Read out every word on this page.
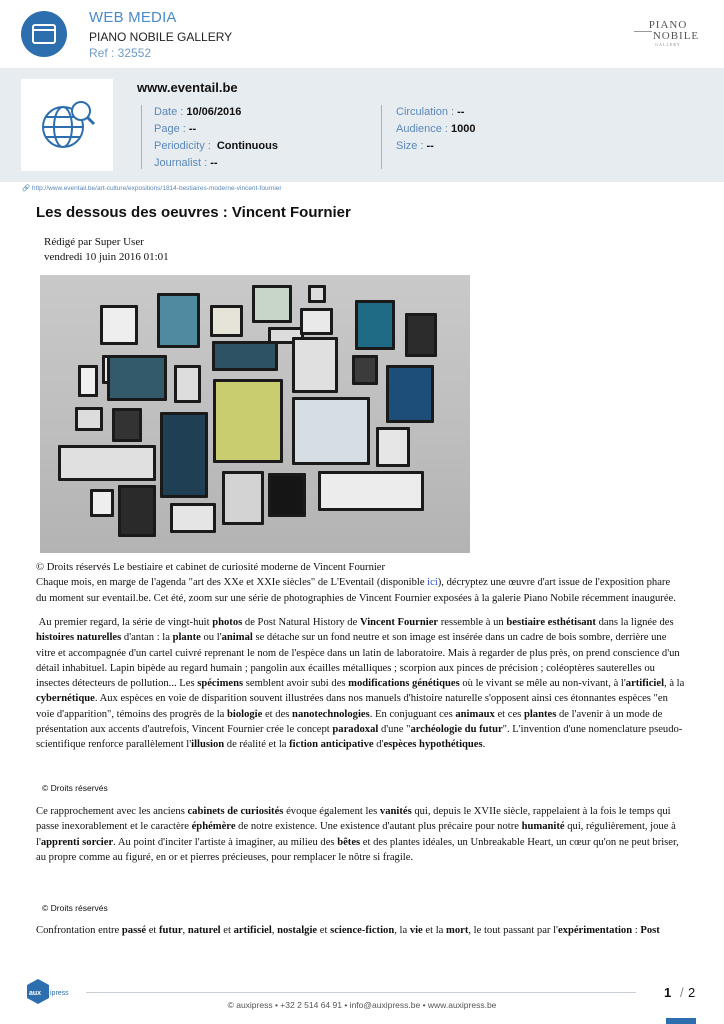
WEB MEDIA
PIANO NOBILE GALLERY
Ref : 32552
PIANO
NOBILE
GALLERY
www.eventail.be
Date : 10/06/2016
Page : --
Periodicity : Continuous
Journalist : --
Circulation : --
Audience : 1000
Size : --
🔗 http://www.eventail.be/art-culture/expositions/1814-bestiaires-moderne-vincent-fournier
Les dessous des oeuvres : Vincent Fournier
Rédigé par Super User
vendredi 10 juin 2016 01:01
© Droits réservés Le bestiaire et cabinet de curiosité moderne de Vincent Fournier
Chaque mois, en marge de l'agenda "art des XXe et XXIe siècles" de L'Eventail (disponible ici), décryptez une œuvre d'art issue de l'exposition phare
du moment sur eventail.be. Cet été, zoom sur une série de photographies de Vincent Fournier exposées à la galerie Piano Nobile récemment inaugurée.
Au premier regard, la série de vingt-huit photos de Post Natural History de Vincent Fournier ressemble à un bestiaire esthétisant dans la lignée des histoires naturelles d'antan : la plante ou l'animal se détache sur un fond neutre et son image est insérée dans un cadre de bois sombre, derrière une vitre et accompagnée d'un cartel cuivré reprenant le nom de l'espèce dans un latin de laboratoire. Mais à regarder de plus près, on prend conscience d'un détail inhabituel. Lapin bipède au regard humain ; pangolin aux écailles métalliques ; scorpion aux pinces de précision ; coléoptères sauterelles ou insectes détecteurs de pollution... Les spécimens semblent avoir subi des modifications génétiques où le vivant se mêle au non-vivant, à l'artificiel, à la cybernétique. Aux espèces en voie de disparition souvent illustrées dans nos manuels d'histoire naturelle s'opposent ainsi ces étonnantes espèces "en voie d'apparition", témoins des progrès de la biologie et des nanotechnologies. En conjuguant ces animaux et ces plantes de l'avenir à un mode de présentation aux accents d'autrefois, Vincent Fournier crée le concept paradoxal d'une "archéologie du futur". L'invention d'une nomenclature pseudo-scientifique renforce parallèlement l'illusion de réalité et la fiction anticipative d'espèces hypothétiques.
© Droits réservés
Ce rapprochement avec les anciens cabinets de curiosités évoque également les vanités qui, depuis le XVIIe siècle, rappelaient à la fois le temps qui passe inexorablement et le caractère éphémère de notre existence. Une existence d'autant plus précaire pour notre humanité qui, régulièrement, joue à l'apprenti sorcier. Au point d'inciter l'artiste à imaginer, au milieu des bêtes et des plantes idéales, un Unbreakable Heart, un cœur qu'on ne peut briser, au propre comme au figuré, en or et pierres précieuses, pour remplacer le nôtre si fragile.
© Droits réservés
Confrontation entre passé et futur, naturel et artificiel, nostalgie et science-fiction, la vie et la mort, le tout passant par l'expérimentation : Post
aux ipress
© auxipress • +32 2 514 64 91 • info@auxipress.be • www.auxipress.be
1 / 2
